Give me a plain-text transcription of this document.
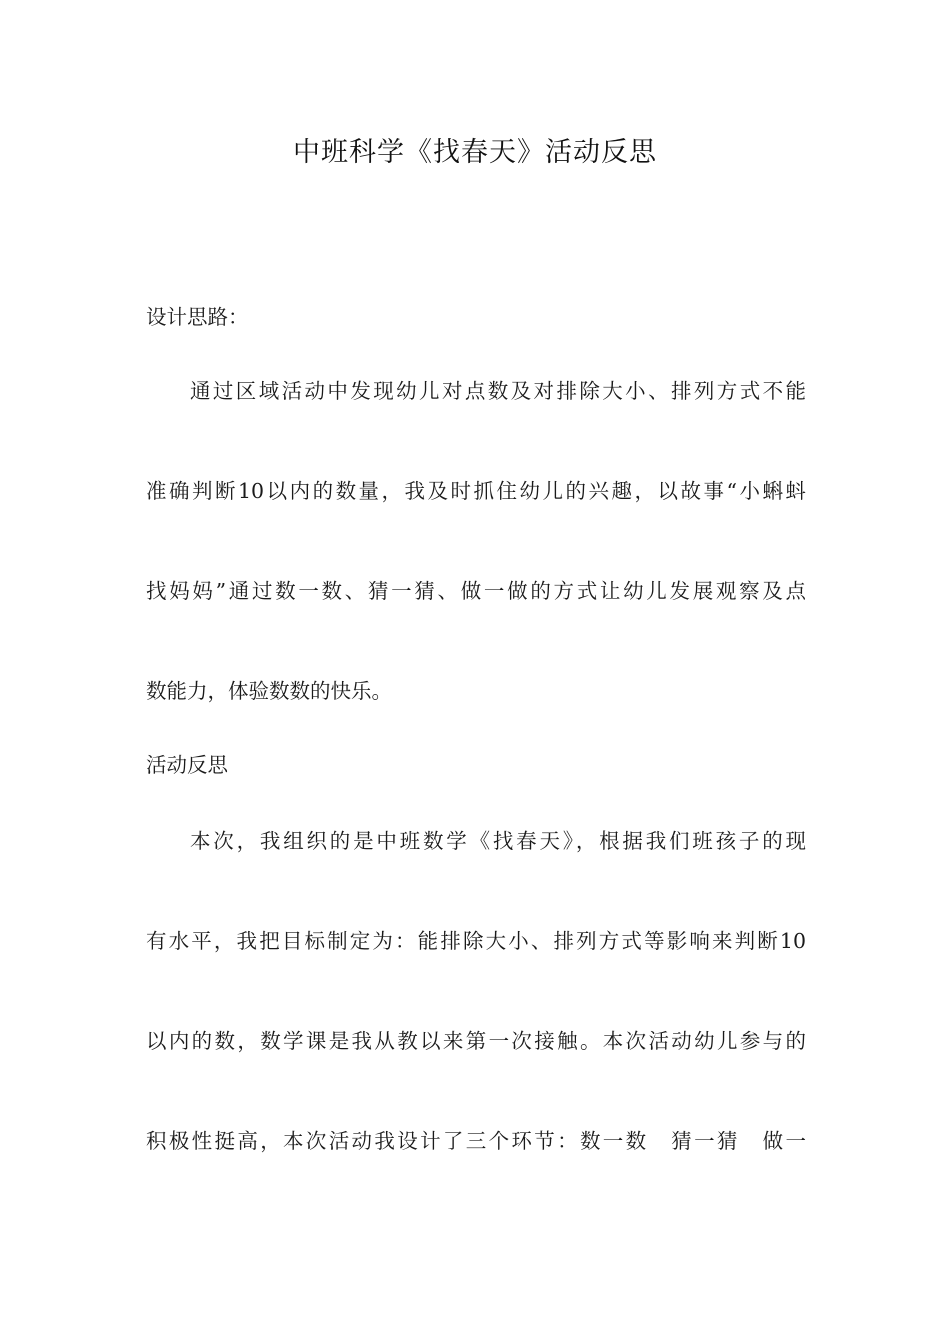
中班科学《找春天》活动反思
设计思路：
通过区域活动中发现幼儿对点数及对排除大小、排列方式不能
准确判断10以内的数量，我及时抓住幼儿的兴趣，以故事“小蝌蚪
找妈妈”通过数一数、猜一猜、做一做的方式让幼儿发展观察及点
数能力，体验数数的快乐。
活动反思
本次，我组织的是中班数学《找春天》，根据我们班孩子的现
有水平，我把目标制定为：能排除大小、排列方式等影响来判断10
以内的数，数学课是我从教以来第一次接触。本次活动幼儿参与的
积极性挺高，本次活动我设计了三个环节：数一数　猜一猜　做一
